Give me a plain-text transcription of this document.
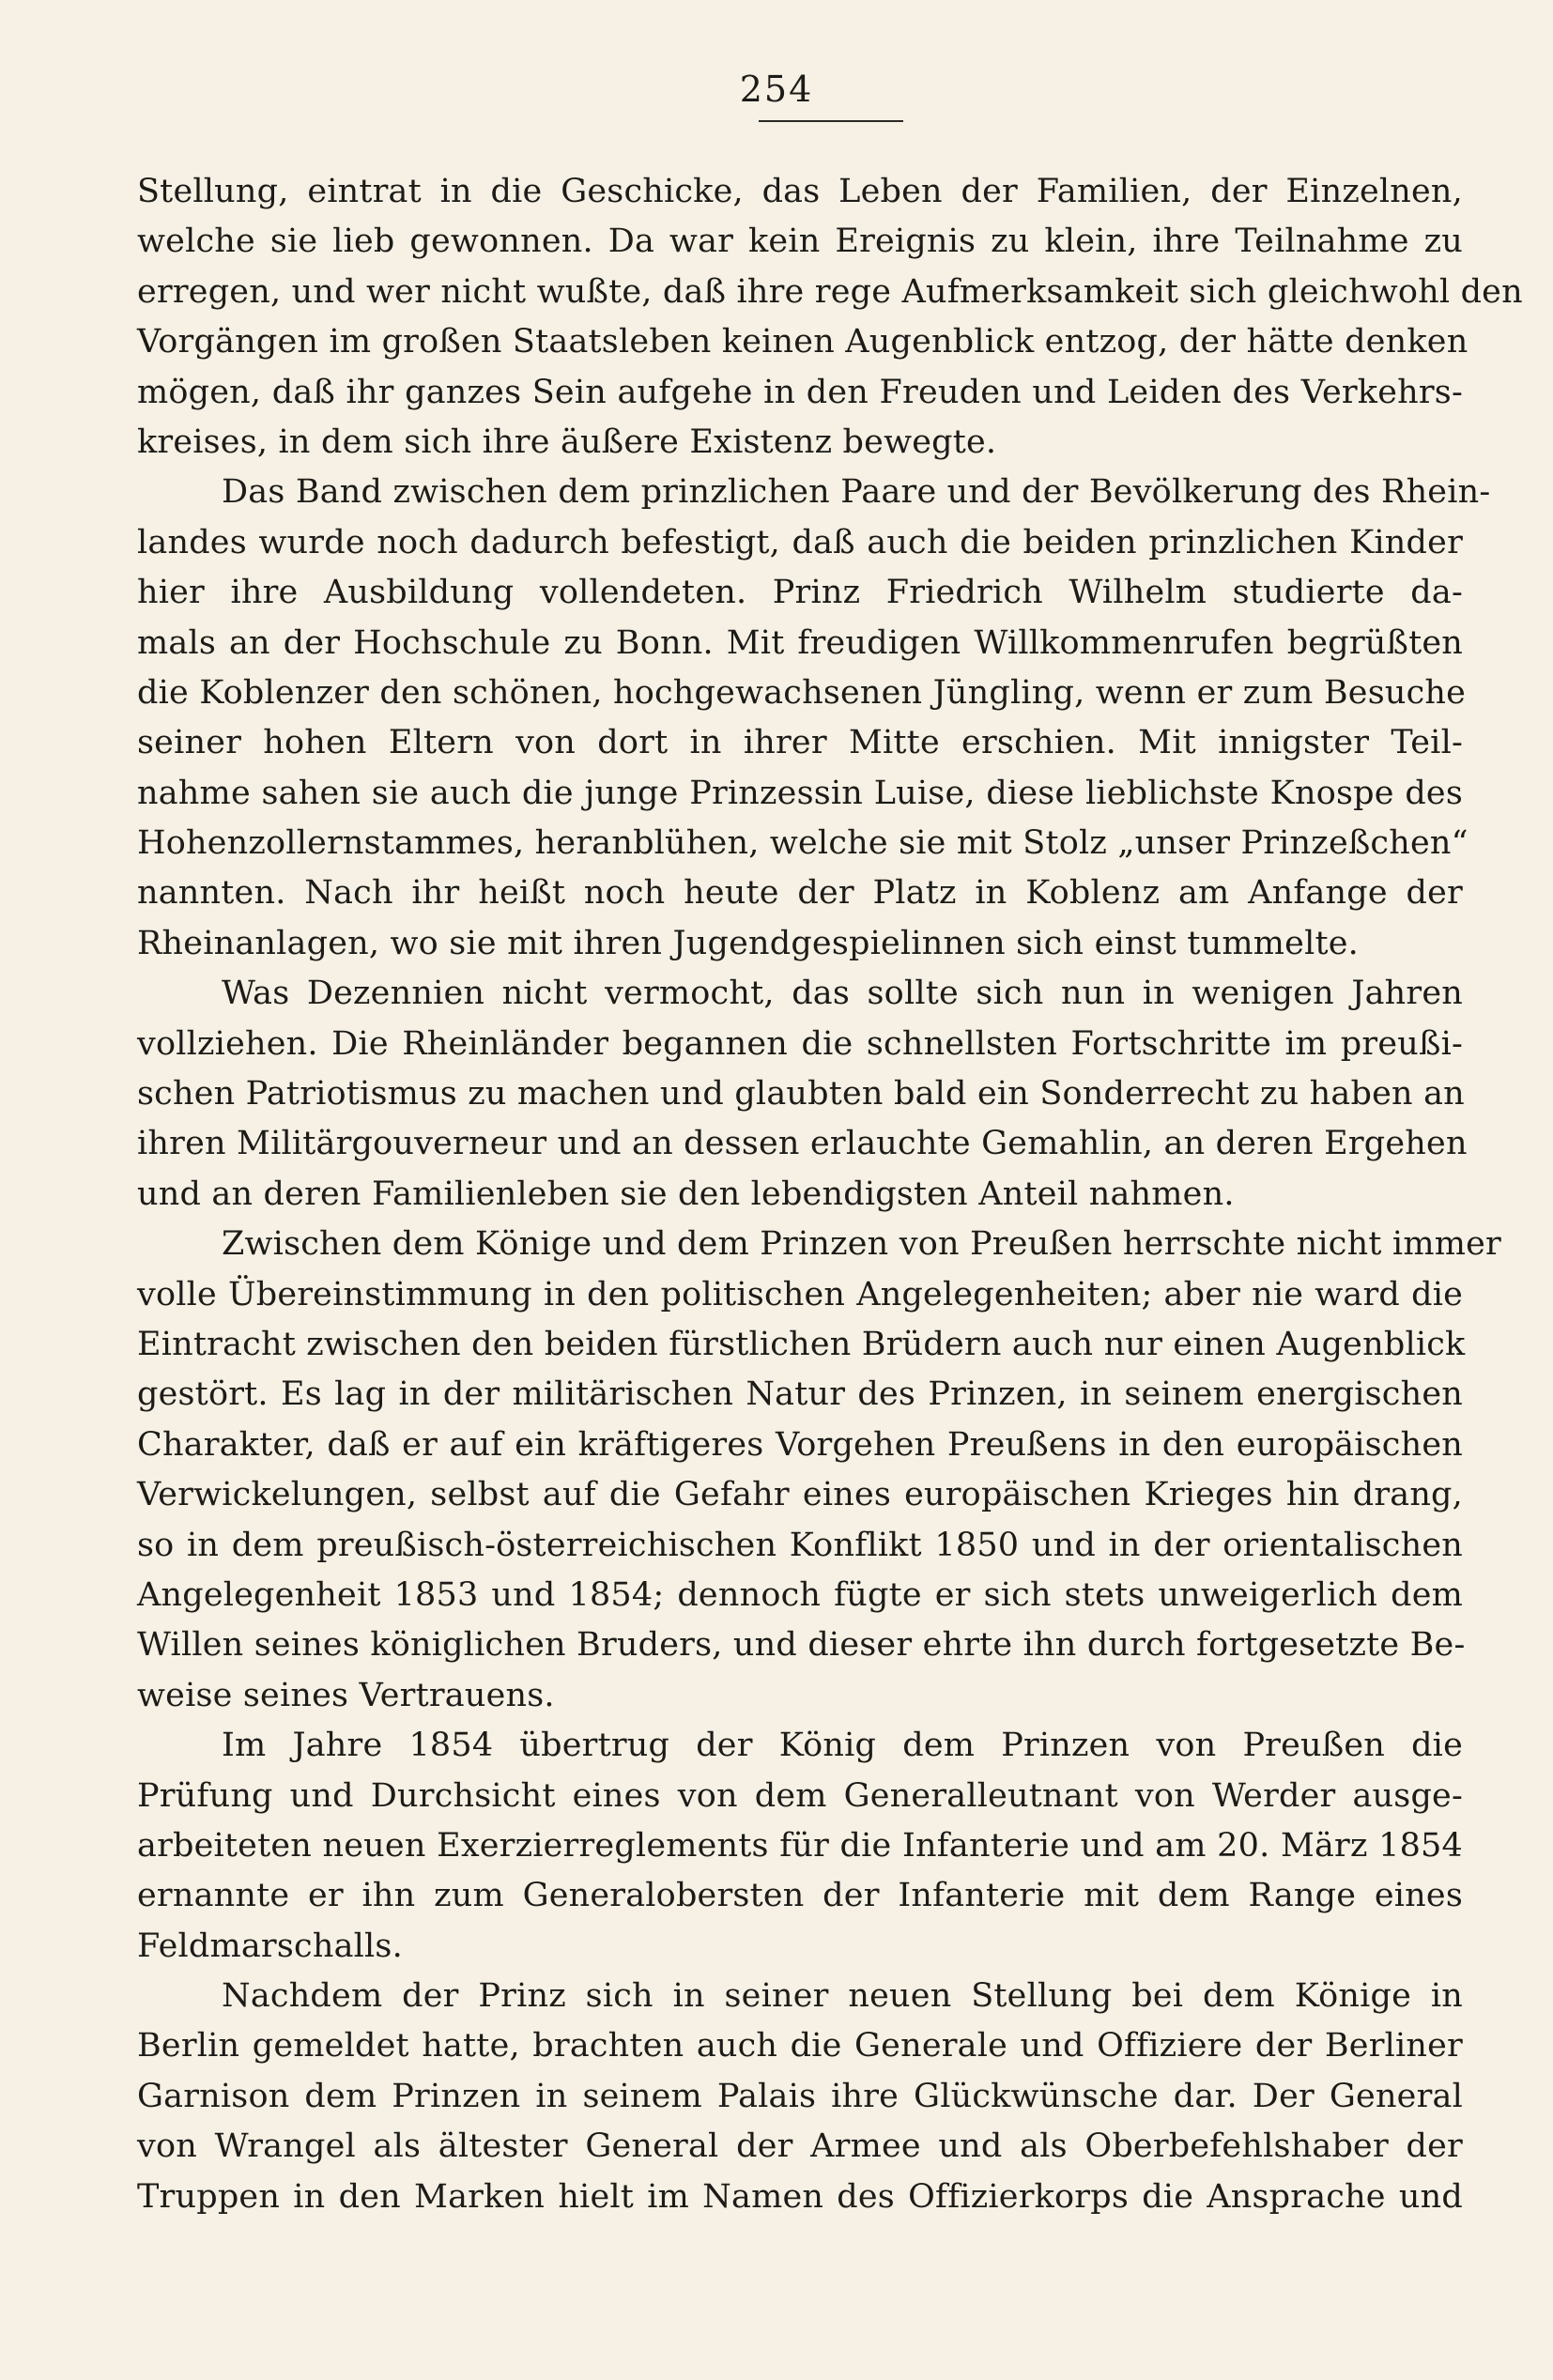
254
Stellung, eintrat in die Geschicke, das Leben der Familien, der Einzelnen,
welche sie lieb gewonnen. Da war kein Ereignis zu klein, ihre Teilnahme zu
erregen, und wer nicht wußte, daß ihre rege Aufmerksamkeit sich gleichwohl den
Vorgängen im großen Staatsleben keinen Augenblick entzog, der hätte denken
mögen, daß ihr ganzes Sein aufgehe in den Freuden und Leiden des Verkehrs-
kreises, in dem sich ihre äußere Existenz bewegte.
Das Band zwischen dem prinzlichen Paare und der Bevölkerung des Rhein-
landes wurde noch dadurch befestigt, daß auch die beiden prinzlichen Kinder
hier ihre Ausbildung vollendeten. Prinz Friedrich Wilhelm studierte da-
mals an der Hochschule zu Bonn. Mit freudigen Willkommenrufen begrüßten
die Koblenzer den schönen, hochgewachsenen Jüngling, wenn er zum Besuche
seiner hohen Eltern von dort in ihrer Mitte erschien. Mit innigster Teil-
nahme sahen sie auch die junge Prinzessin Luise, diese lieblichste Knospe des
Hohenzollernstammes, heranblühen, welche sie mit Stolz „unser Prinzeßchen“
nannten. Nach ihr heißt noch heute der Platz in Koblenz am Anfange der
Rheinanlagen, wo sie mit ihren Jugendgespielinnen sich einst tummelte.
Was Dezennien nicht vermocht, das sollte sich nun in wenigen Jahren
vollziehen. Die Rheinländer begannen die schnellsten Fortschritte im preußi-
schen Patriotismus zu machen und glaubten bald ein Sonderrecht zu haben an
ihren Militärgouverneur und an dessen erlauchte Gemahlin, an deren Ergehen
und an deren Familienleben sie den lebendigsten Anteil nahmen.
Zwischen dem Könige und dem Prinzen von Preußen herrschte nicht immer
volle Übereinstimmung in den politischen Angelegenheiten; aber nie ward die
Eintracht zwischen den beiden fürstlichen Brüdern auch nur einen Augenblick
gestört. Es lag in der militärischen Natur des Prinzen, in seinem energischen
Charakter, daß er auf ein kräftigeres Vorgehen Preußens in den europäischen
Verwickelungen, selbst auf die Gefahr eines europäischen Krieges hin drang,
so in dem preußisch-österreichischen Konflikt 1850 und in der orientalischen
Angelegenheit 1853 und 1854; dennoch fügte er sich stets unweigerlich dem
Willen seines königlichen Bruders, und dieser ehrte ihn durch fortgesetzte Be-
weise seines Vertrauens.
Im Jahre 1854 übertrug der König dem Prinzen von Preußen die
Prüfung und Durchsicht eines von dem Generalleutnant von Werder ausge-
arbeiteten neuen Exerzierreglements für die Infanterie und am 20. März 1854
ernannte er ihn zum Generalobersten der Infanterie mit dem Range eines
Feldmarschalls.
Nachdem der Prinz sich in seiner neuen Stellung bei dem Könige in
Berlin gemeldet hatte, brachten auch die Generale und Offiziere der Berliner
Garnison dem Prinzen in seinem Palais ihre Glückwünsche dar. Der General
von Wrangel als ältester General der Armee und als Oberbefehlshaber der
Truppen in den Marken hielt im Namen des Offizierkorps die Ansprache und
